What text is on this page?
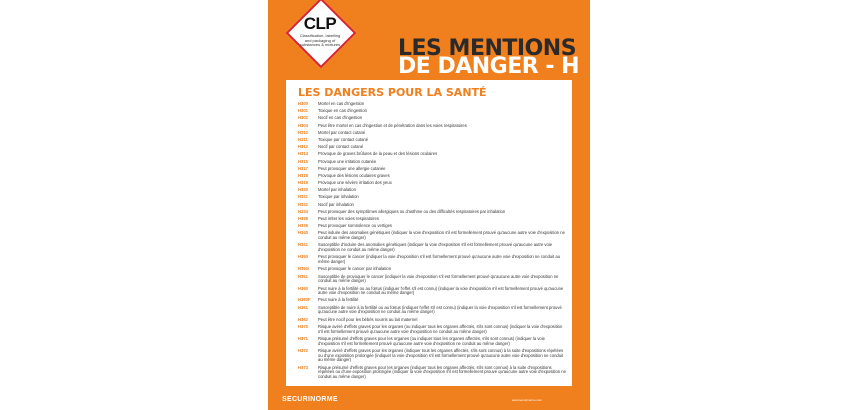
CLP
Classification, labelling and packaging of substances & mixtures	LES MENTIONS
DE DANGER - H
LES DANGERS POUR LA SANTÉ
H300	Mortel en cas d'ingestion
H301	Toxique en cas d'ingestion
H302	Nocif en cas d'ingestion
H304	Peut être mortel en cas d'ingestion et de pénétration dans les voies respiratoires
H310	Mortel par contact cutané
H311	Toxique par contact cutané
H312	Nocif par contact cutané
H314	Provoque de graves brûlures de la peau et des lésions oculaires
H315	Provoque une irritation cutanée
H317	Peut provoquer une allergie cutanée
H318	Provoque des lésions oculaires graves
H319	Provoque une sévère irritation des yeux
H330	Mortel par inhalation
H331	Toxique par inhalation
H332	Nocif par inhalation
H334	Peut provoquer des symptômes allergiques ou d'asthme ou des difficultés respiratoires par inhalation
H335	Peut irriter les voies respiratoires
H336	Peut provoquer somnolence ou vertiges
H340	Peut induire des anomalies génétiques (indiquer la voie d'exposition s'il est formellement prouvé qu'aucune autre voie d'exposition ne conduit au même danger)
H341	Susceptible d'induire des anomalies génétiques (indiquer la voie d'exposition s'il est formellement prouvé qu'aucune autre voie d'exposition ne conduit au même danger)
H350	Peut provoquer le cancer (indiquer la voie d'exposition s'il est formellement prouvé qu'aucune autre voie d'exposition ne conduit au même danger)
H350i	Peut provoquer le cancer par inhalation
H351	Susceptible de provoquer le cancer (indiquer la voie d'exposition s'il est formellement prouvé qu'aucune autre voie d'exposition ne conduit au même danger)
H360	Peut nuire à la fertilité ou au fœtus (indiquer l'effet s'il est connu) (indiquer la voie d'exposition s'il est formellement prouvé qu'aucune autre voie d'exposition ne conduit au même danger)
H360F	Peut nuire à la fertilité
H361	Susceptible de nuire à la fertilité ou au fœtus (indiquer l'effet s'il est connu) (indiquer la voie d'exposition s'il est formellement prouvé qu'aucune autre voie d'exposition ne conduit au même danger)
H362	Peut être nocif pour les bébés nourris au lait maternel
H370	Risque avéré d'effets graves pour les organes (ou indiquer tous les organes affectés, s'ils sont connus) (indiquer la voie d'exposition s'il est formellement prouvé qu'aucune autre voie d'exposition ne conduit au même danger)
H371	Risque présumé d'effets graves pour les organes (ou indiquer tous les organes affectés, s'ils sont connus) (indiquer la voie d'exposition s'il est formellement prouvé qu'aucune autre voie d'exposition ne conduit au même danger)
H372	Risque avéré d'effets graves pour les organes (indiquer tous les organes affectés, s'ils sont connus) à la suite d'expositions répétées ou d'une exposition prolongée (indiquer la voie d'exposition s'il est formellement prouvé qu'aucune autre voie d'exposition ne conduit au même danger)
H373	Risque présumé d'effets graves pour les organes (indiquer tous les organes affectés, s'ils sont connus) à la suite d'expositions répétées ou d'une exposition prolongée (indiquer la voie d'exposition s'il est formellement prouvé qu'aucune autre voie d'exposition ne conduit au même danger)
SECURINORME	www.securinorme.com
